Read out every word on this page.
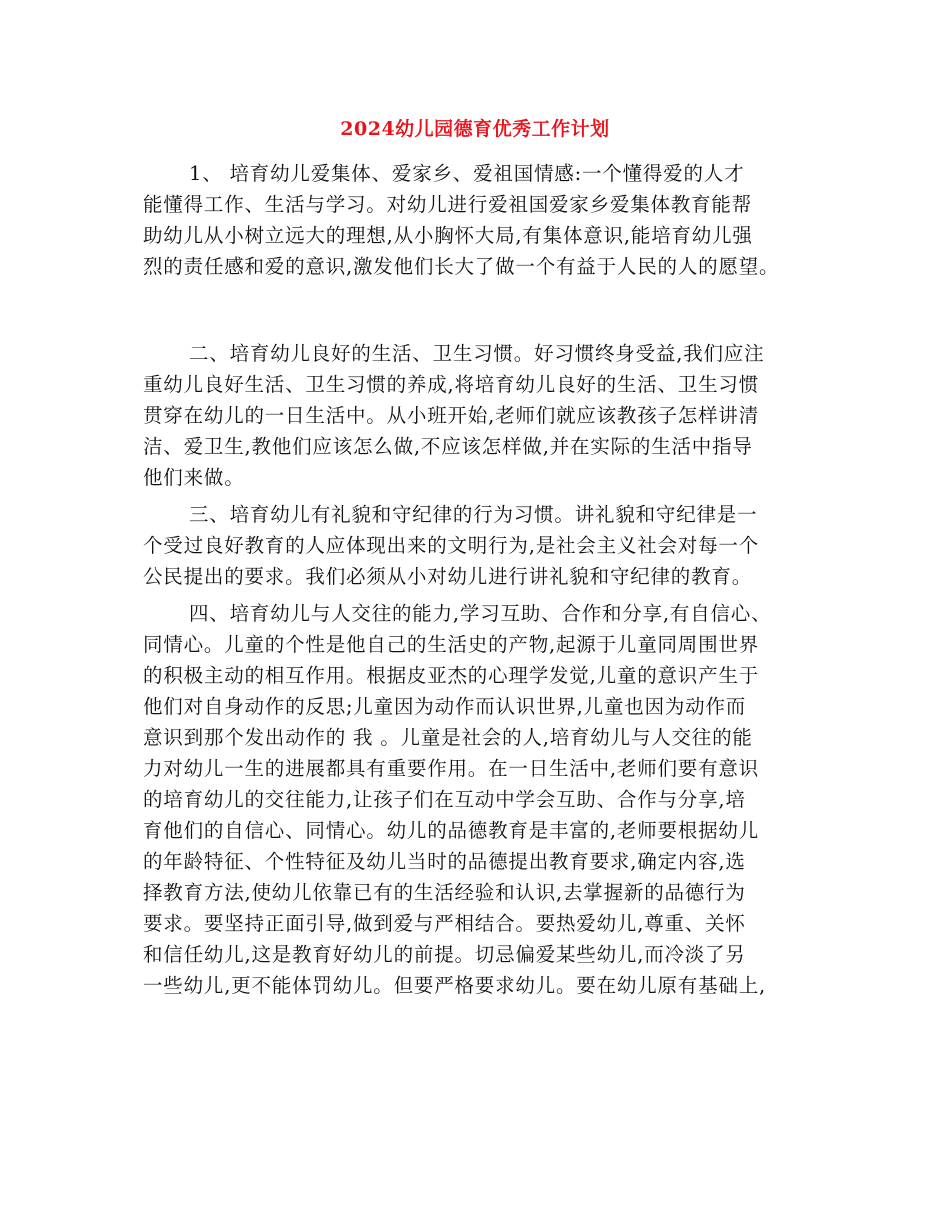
2024幼儿园德育优秀工作计划
1、 培育幼儿爱集体、爱家乡、爱祖国情感:一个懂得爱的人才
能懂得工作、生活与学习。对幼儿进行爱祖国爱家乡爱集体教育能帮
助幼儿从小树立远大的理想,从小胸怀大局,有集体意识,能培育幼儿强
烈的责任感和爱的意识,激发他们长大了做一个有益于人民的人的愿望。
二、培育幼儿良好的生活、卫生习惯。好习惯终身受益,我们应注
重幼儿良好生活、卫生习惯的养成,将培育幼儿良好的生活、卫生习惯
贯穿在幼儿的一日生活中。从小班开始,老师们就应该教孩子怎样讲清
洁、爱卫生,教他们应该怎么做,不应该怎样做,并在实际的生活中指导
他们来做。
三、培育幼儿有礼貌和守纪律的行为习惯。讲礼貌和守纪律是一
个受过良好教育的人应体现出来的文明行为,是社会主义社会对每一个
公民提出的要求。我们必须从小对幼儿进行讲礼貌和守纪律的教育。
四、培育幼儿与人交往的能力,学习互助、合作和分享,有自信心、
同情心。儿童的个性是他自己的生活史的产物,起源于儿童同周围世界
的积极主动的相互作用。根据皮亚杰的心理学发觉,儿童的意识产生于
他们对自身动作的反思;儿童因为动作而认识世界,儿童也因为动作而
意识到那个发出动作的 我 。儿童是社会的人,培育幼儿与人交往的能
力对幼儿一生的进展都具有重要作用。在一日生活中,老师们要有意识
的培育幼儿的交往能力,让孩子们在互动中学会互助、合作与分享,培
育他们的自信心、同情心。幼儿的品德教育是丰富的,老师要根据幼儿
的年龄特征、个性特征及幼儿当时的品德提出教育要求,确定内容,选
择教育方法,使幼儿依靠已有的生活经验和认识,去掌握新的品德行为
要求。要坚持正面引导,做到爱与严相结合。要热爱幼儿,尊重、关怀
和信任幼儿,这是教育好幼儿的前提。切忌偏爱某些幼儿,而冷淡了另
一些幼儿,更不能体罚幼儿。但要严格要求幼儿。要在幼儿原有基础上,
